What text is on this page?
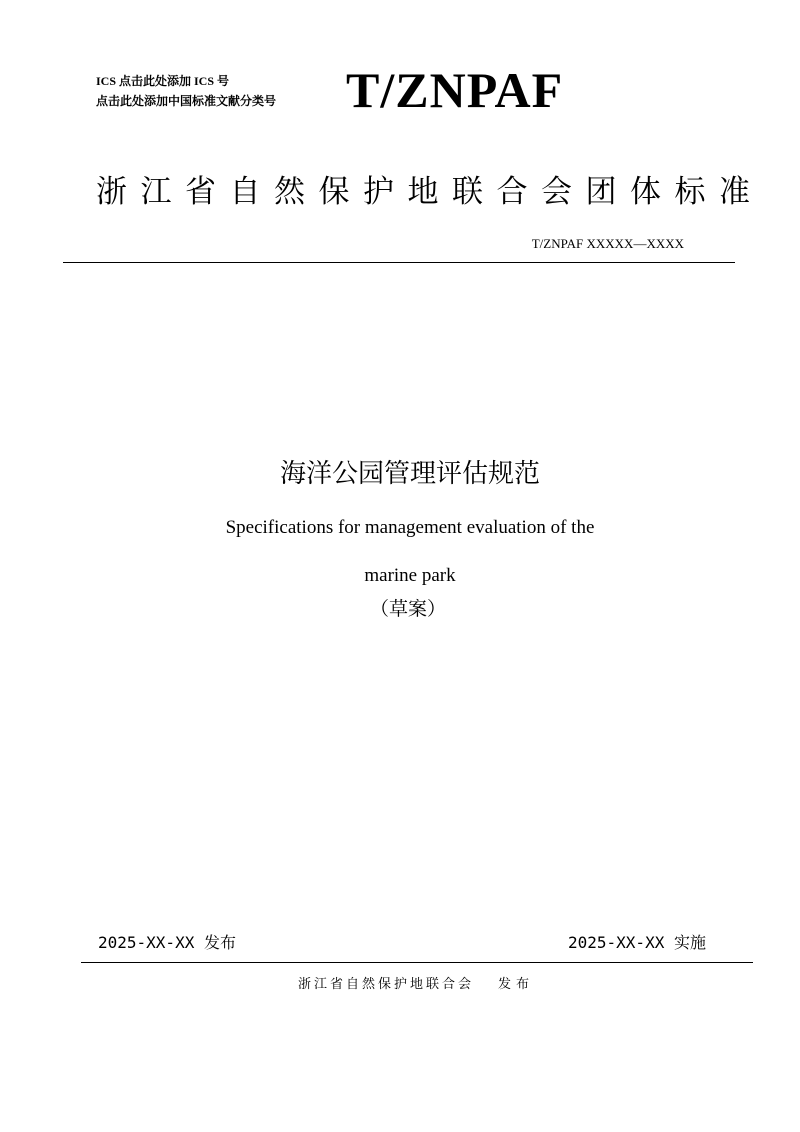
ICS 点击此处添加 ICS 号
点击此处添加中国标准文献分类号 T/ZNPAF
浙江省自然保护地联合会团体标准
T/ZNPAF XXXXX—XXXX
海洋公园管理评估规范
Specifications for management evaluation of the
marine park
（草案）
2025-XX-XX 发布	2025-XX-XX 实施
浙江省自然保护地联合会 发布
